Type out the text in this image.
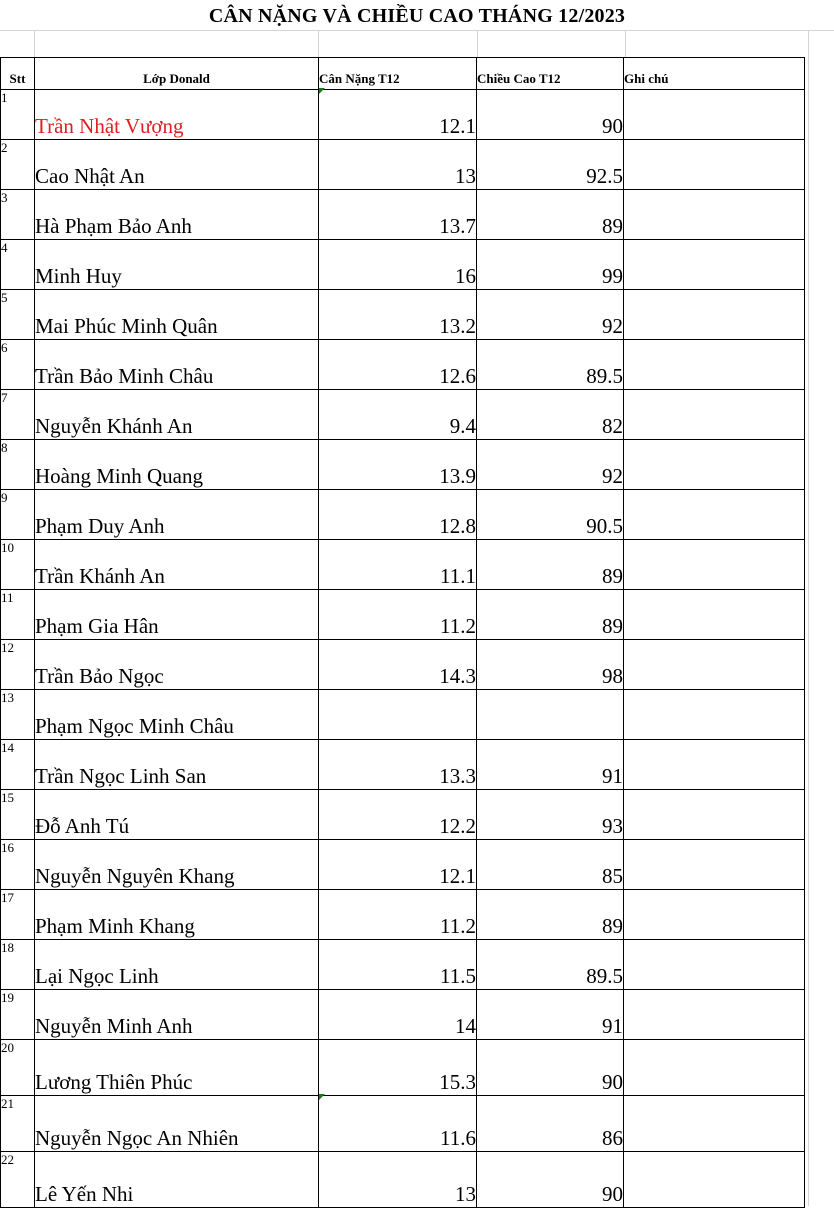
CÂN NẶNG VÀ CHIỀU CAO THÁNG 12/2023
Stt	Lớp Donald	Cân Nặng T12	Chiều Cao T12	Ghi chú
1	Trần Nhật Vượng	12.1	90	
2	Cao Nhật An	13	92.5	
3	Hà Phạm Bảo Anh	13.7	89	
4	Minh Huy	16	99	
5	Mai Phúc Minh Quân	13.2	92	
6	Trần Bảo Minh Châu	12.6	89.5	
7	Nguyễn Khánh An	9.4	82	
8	Hoàng Minh Quang	13.9	92	
9	Phạm Duy Anh	12.8	90.5	
10	Trần Khánh An	11.1	89	
11	Phạm Gia Hân	11.2	89	
12	Trần Bảo Ngọc	14.3	98	
13	Phạm Ngọc Minh Châu			
14	Trần Ngọc Linh San	13.3	91	
15	Đỗ Anh Tú	12.2	93	
16	Nguyễn Nguyên Khang	12.1	85	
17	Phạm Minh Khang	11.2	89	
18	Lại Ngọc Linh	11.5	89.5	
19	Nguyễn Minh Anh	14	91	
20	Lương Thiên Phúc	15.3	90	
21	Nguyễn Ngọc An Nhiên	11.6	86	
22	Lê Yến Nhi	13	90	
